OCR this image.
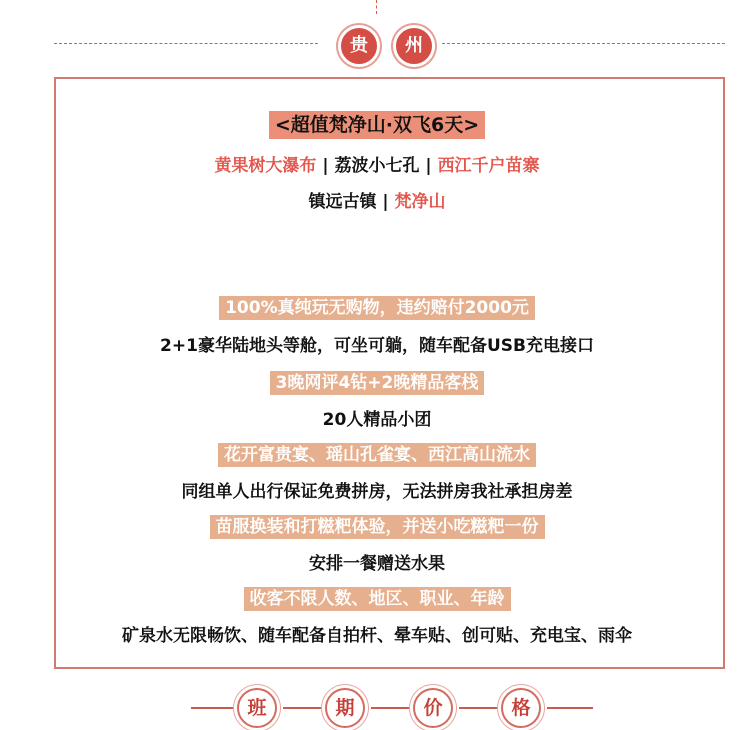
贵	州
<超值梵净山·双飞6天>
黄果树大瀑布 | 荔波小七孔 | 西江千户苗寨
镇远古镇 | 梵净山
100%真纯玩无购物，违约赔付2000元
2+1豪华陆地头等舱，可坐可躺，随车配备USB充电接口
3晚网评4钻+2晚精品客栈
20人精品小团
花开富贵宴、瑶山孔雀宴、西江高山流水
同组单人出行保证免费拼房，无法拼房我社承担房差
苗服换装和打糍粑体验，并送小吃糍粑一份
安排一餐赠送水果
收客不限人数、地区、职业、年龄
矿泉水无限畅饮、随车配备自拍杆、晕车贴、创可贴、充电宝、雨伞
班	期	价	格
